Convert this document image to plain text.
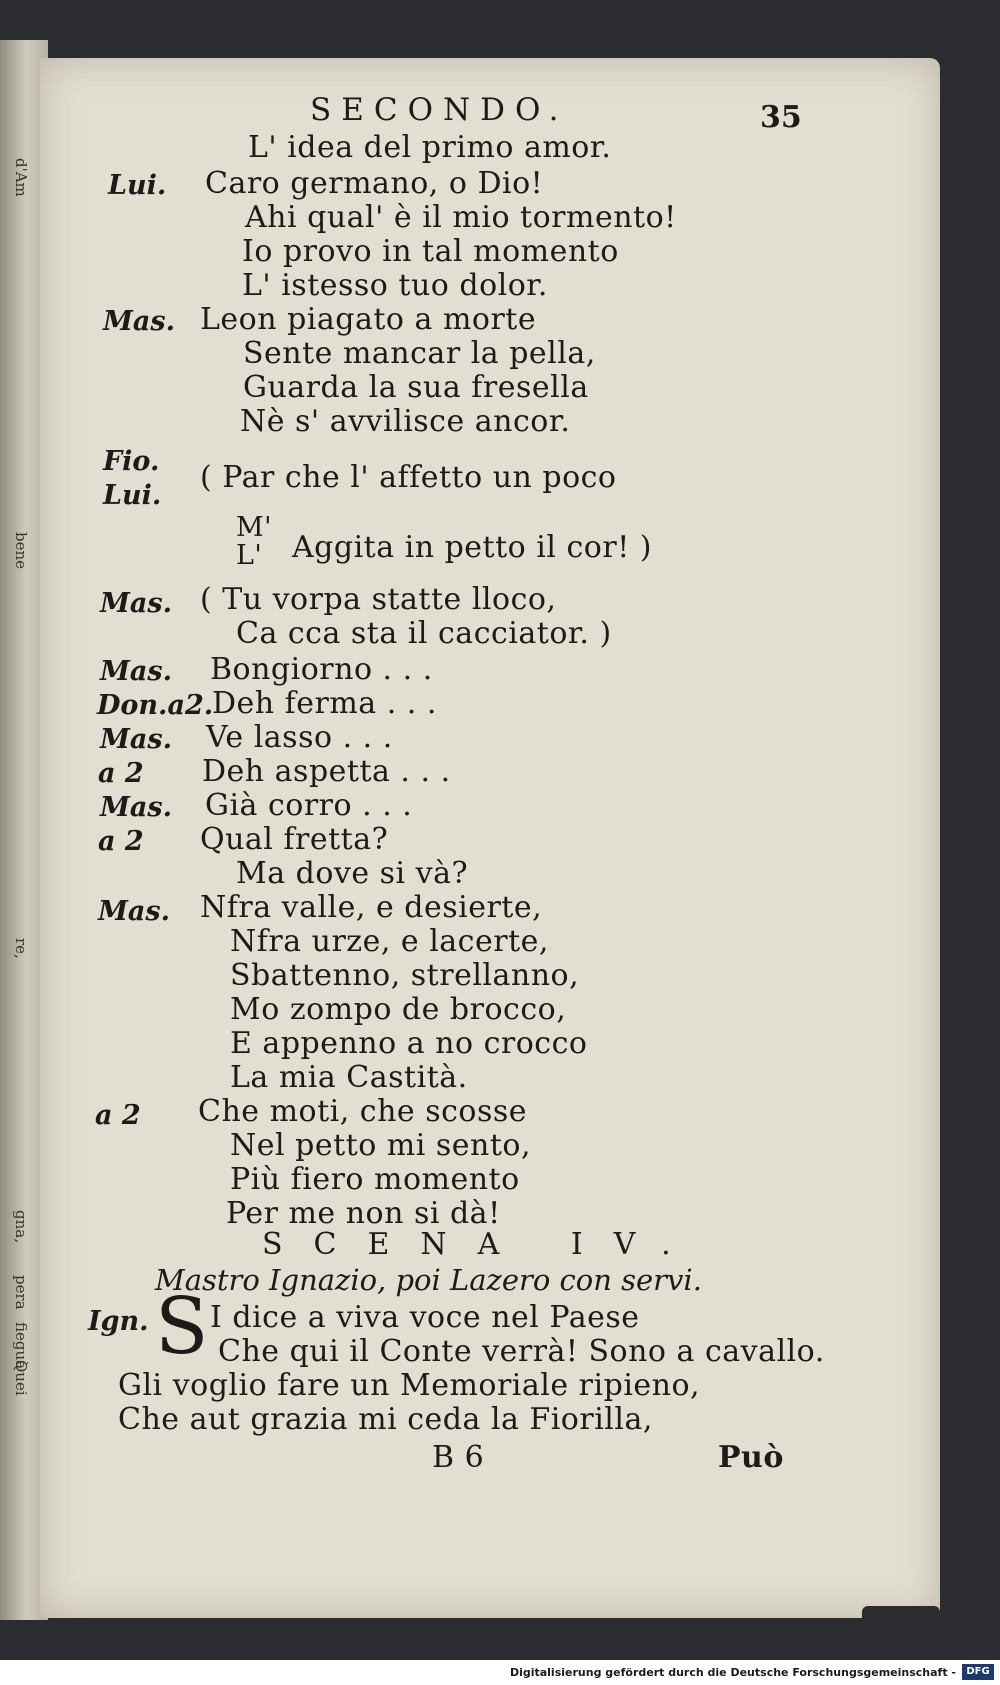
d'Am
bene
re,
gna,
pera
fieguà
Quei
SECONDO.	35
L' idea del primo amor.
Lui. Caro germano, o Dio!
Ahi qual' è il mio tormento!
Io provo in tal momento
L' istesso tuo dolor.
Mas. Leon piagato a morte
Sente mancar la pella,
Guarda la sua fresella
Nè s' avvilisce ancor.
Fio.
Lui.
( Par che l' affetto un poco
M'
L' Aggita in petto il cor! )
Mas. ( Tu vorpa statte lloco,
Ca cca sta il cacciator. )
Mas. Bongiorno . . .
Don.a2.
Deh ferma . . .
Mas. Ve lasso . . .
a 2 Deh aspetta . . .
Mas. Già corro . . .
a 2 Qual fretta?
Ma dove si và?
Mas. Nfra valle, e desierte,
Nfra urze, e lacerte,
Sbattenno, strellanno,
Mo zompo de brocco,
E appenno a no crocco
La mia Castità.
a 2 Che moti, che scosse
Nel petto mi sento,
Più fiero momento
Per me non si dà!
SCENA IV.
Mastro Ignazio, poi Lazero con servi.
Ign. S I dice a viva voce nel Paese
Che qui il Conte verrà! Sono a cavallo.
Gli voglio fare un Memoriale ripieno,
Che aut grazia mi ceda la Fiorilla,
B 6	Può
Digitalisierung gefördert durch die Deutsche Forschungsgemeinschaft -	DFG
